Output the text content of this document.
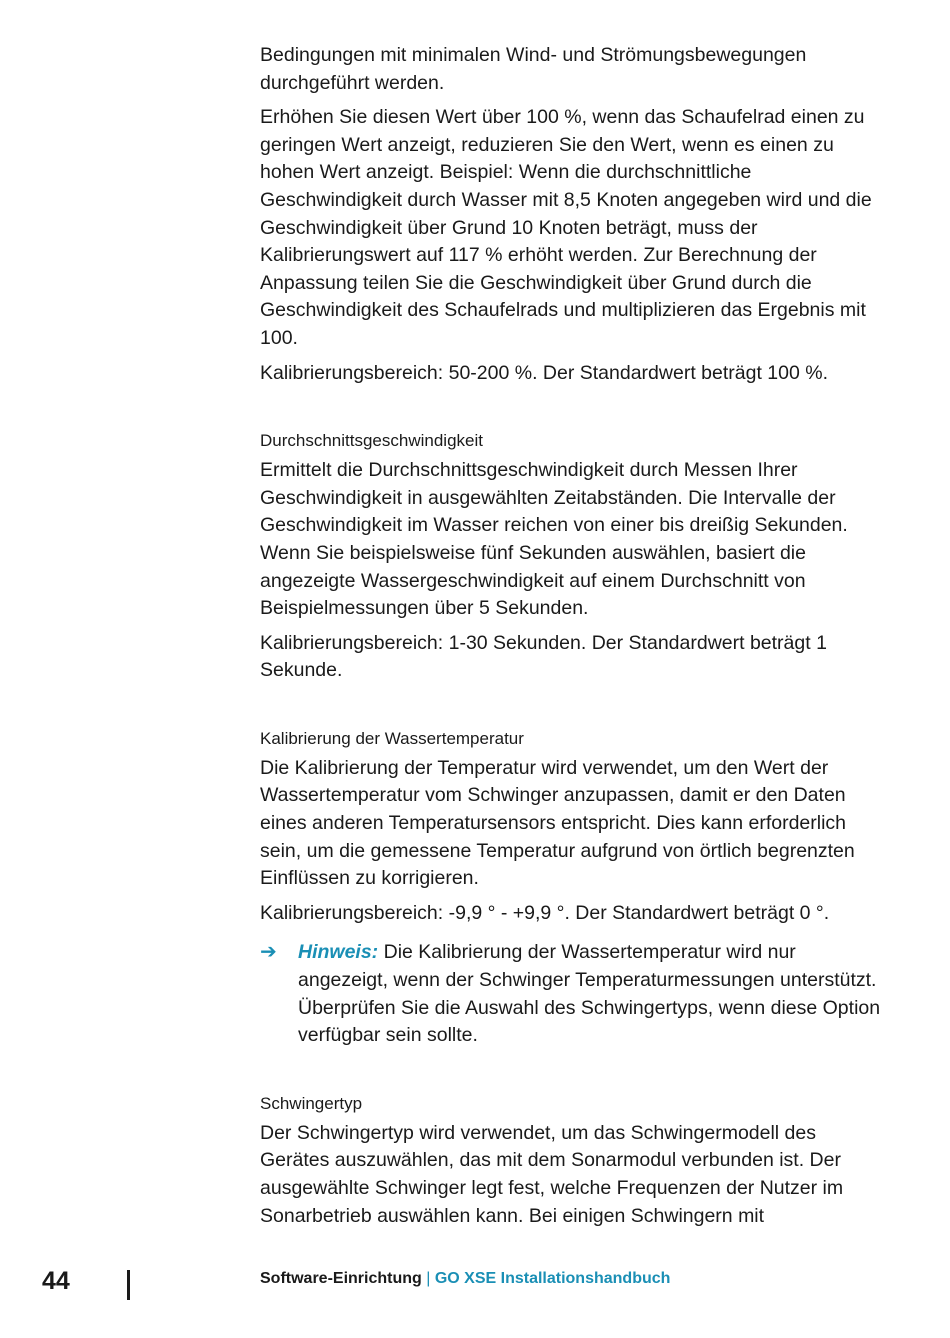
Bedingungen mit minimalen Wind- und Strömungsbewegungen durchgeführt werden.

Erhöhen Sie diesen Wert über 100 %, wenn das Schaufelrad einen zu geringen Wert anzeigt, reduzieren Sie den Wert, wenn es einen zu hohen Wert anzeigt. Beispiel: Wenn die durchschnittliche Geschwindigkeit durch Wasser mit 8,5 Knoten angegeben wird und die Geschwindigkeit über Grund 10 Knoten beträgt, muss der Kalibrierungswert auf 117 % erhöht werden. Zur Berechnung der Anpassung teilen Sie die Geschwindigkeit über Grund durch die Geschwindigkeit des Schaufelrads und multiplizieren das Ergebnis mit 100.

Kalibrierungsbereich: 50-200 %. Der Standardwert beträgt 100 %.

Durchschnittsgeschwindigkeit

Ermittelt die Durchschnittsgeschwindigkeit durch Messen Ihrer Geschwindigkeit in ausgewählten Zeitabständen. Die Intervalle der Geschwindigkeit im Wasser reichen von einer bis dreißig Sekunden. Wenn Sie beispielsweise fünf Sekunden auswählen, basiert die angezeigte Wassergeschwindigkeit auf einem Durchschnitt von Beispielmessungen über 5 Sekunden.

Kalibrierungsbereich: 1-30 Sekunden. Der Standardwert beträgt 1 Sekunde.

Kalibrierung der Wassertemperatur

Die Kalibrierung der Temperatur wird verwendet, um den Wert der Wassertemperatur vom Schwinger anzupassen, damit er den Daten eines anderen Temperatursensors entspricht. Dies kann erforderlich sein, um die gemessene Temperatur aufgrund von örtlich begrenzten Einflüssen zu korrigieren.

Kalibrierungsbereich: -9,9 ° - +9,9 °. Der Standardwert beträgt 0 °.

➔	Hinweis: Die Kalibrierung der Wassertemperatur wird nur angezeigt, wenn der Schwinger Temperaturmessungen unterstützt. Überprüfen Sie die Auswahl des Schwingertyps, wenn diese Option verfügbar sein sollte.
Schwingertyp

Der Schwingertyp wird verwendet, um das Schwingermodell des Gerätes auszuwählen, das mit dem Sonarmodul verbunden ist. Der ausgewählte Schwinger legt fest, welche Frequenzen der Nutzer im Sonarbetrieb auswählen kann. Bei einigen Schwingern mit

44	Software-Einrichtung | GO XSE Installationshandbuch
